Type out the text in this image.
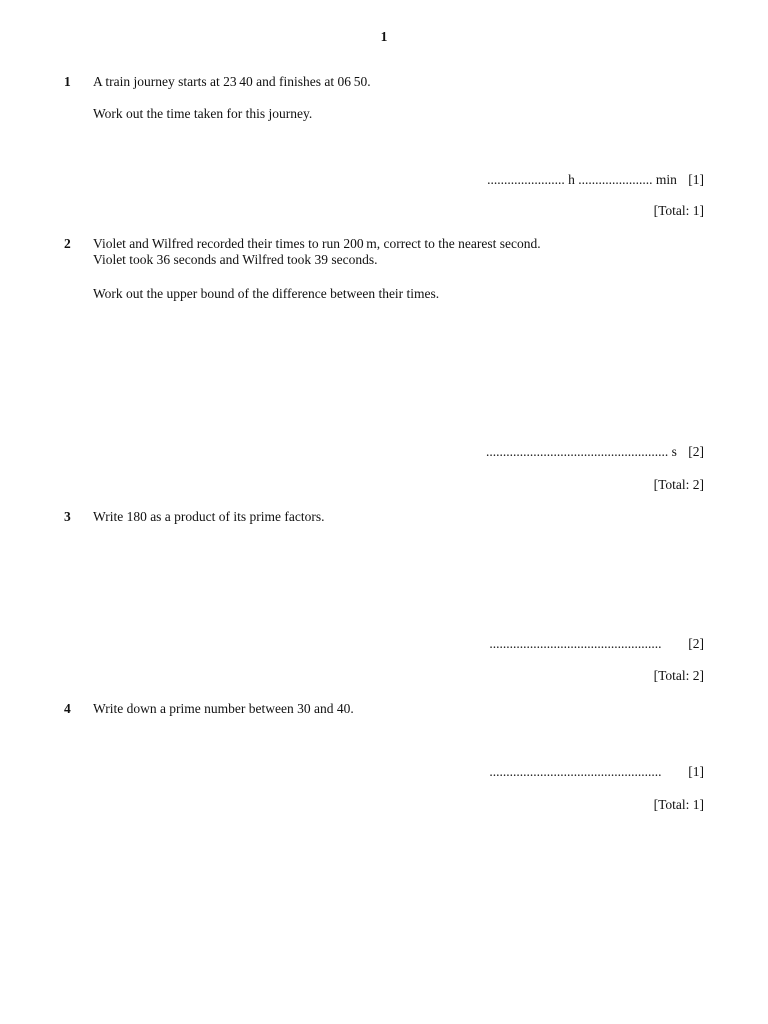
1
1 A train journey starts at 23 40 and finishes at 06 50.
Work out the time taken for this journey.
....................... h ...................... min [1]
[Total: 1]
2 Violet and Wilfred recorded their times to run 200 m, correct to the nearest second.
Violet took 36 seconds and Wilfred took 39 seconds.
Work out the upper bound of the difference between their times.
...................................................... s [2]
[Total: 2]
3 Write 180 as a product of its prime factors.
................................................... [2]
[Total: 2]
4 Write down a prime number between 30 and 40.
................................................... [1]
[Total: 1]
